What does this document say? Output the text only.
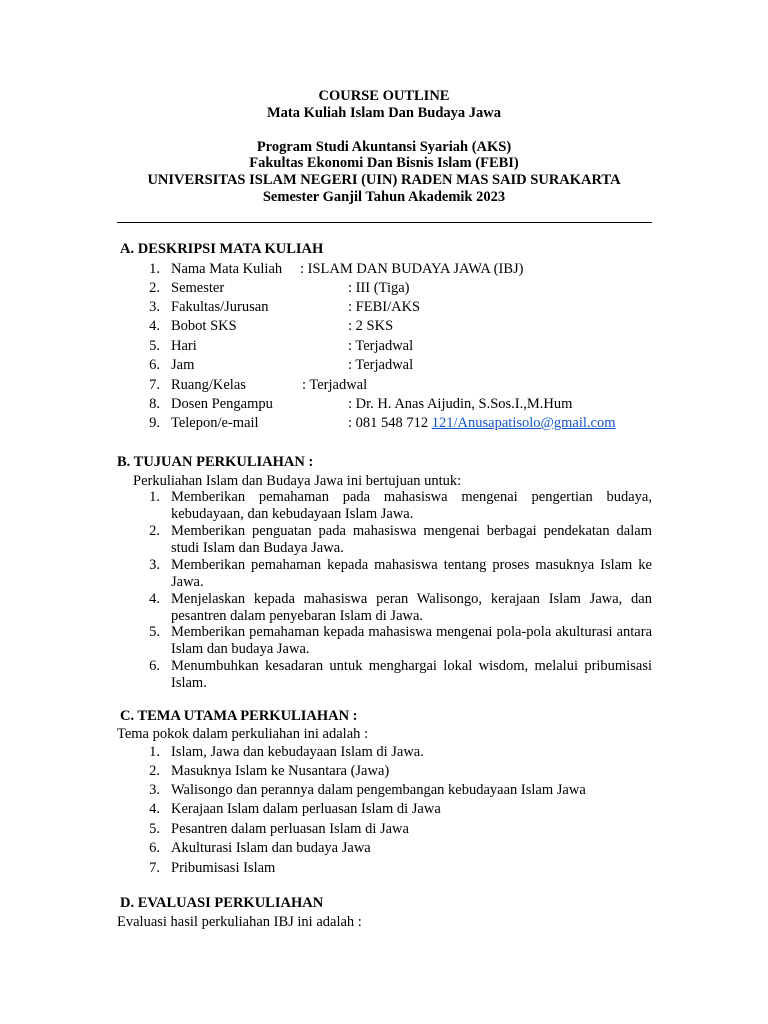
COURSE OUTLINE
Mata Kuliah Islam Dan Budaya Jawa
Program Studi Akuntansi Syariah (AKS)
Fakultas Ekonomi Dan Bisnis Islam (FEBI)
UNIVERSITAS ISLAM NEGERI (UIN) RADEN MAS SAID SURAKARTA
Semester Ganjil Tahun Akademik 2023
A. DESKRIPSI MATA KULIAH
1. Nama Mata Kuliah : ISLAM DAN BUDAYA JAWA (IBJ)
2. Semester	: III (Tiga)
3. Fakultas/Jurusan	: FEBI/AKS
4. Bobot SKS	: 2 SKS
5. Hari	: Terjadwal
6. Jam	: Terjadwal
7. Ruang/Kelas	: Terjadwal
8. Dosen Pengampu	: Dr. H. Anas Aijudin, S.Sos.I.,M.Hum
9. Telepon/e-mail	: 081 548 712 121/Anusapatisolo@gmail.com
B. TUJUAN PERKULIAHAN :
Perkuliahan Islam dan Budaya Jawa ini bertujuan untuk:
1. Memberikan pemahaman pada mahasiswa mengenai pengertian budaya, kebudayaan, dan kebudayaan Islam Jawa.
2. Memberikan penguatan pada mahasiswa mengenai berbagai pendekatan dalam studi Islam dan Budaya Jawa.
3. Memberikan pemahaman kepada mahasiswa tentang proses masuknya Islam ke Jawa.
4. Menjelaskan kepada mahasiswa peran Walisongo, kerajaan Islam Jawa, dan pesantren dalam penyebaran Islam di Jawa.
5. Memberikan pemahaman kepada mahasiswa mengenai pola-pola akulturasi antara Islam dan budaya Jawa.
6. Menumbuhkan kesadaran untuk menghargai lokal wisdom, melalui pribumisasi Islam.
C. TEMA UTAMA PERKULIAHAN :
Tema pokok dalam perkuliahan ini adalah :
1. Islam, Jawa dan kebudayaan Islam di Jawa.
2. Masuknya Islam ke Nusantara (Jawa)
3. Walisongo dan perannya dalam pengembangan kebudayaan Islam Jawa
4. Kerajaan Islam dalam perluasan Islam di Jawa
5. Pesantren dalam perluasan Islam di Jawa
6. Akulturasi Islam dan budaya Jawa
7. Pribumisasi Islam
D. EVALUASI PERKULIAHAN
Evaluasi hasil perkuliahan IBJ ini adalah :
